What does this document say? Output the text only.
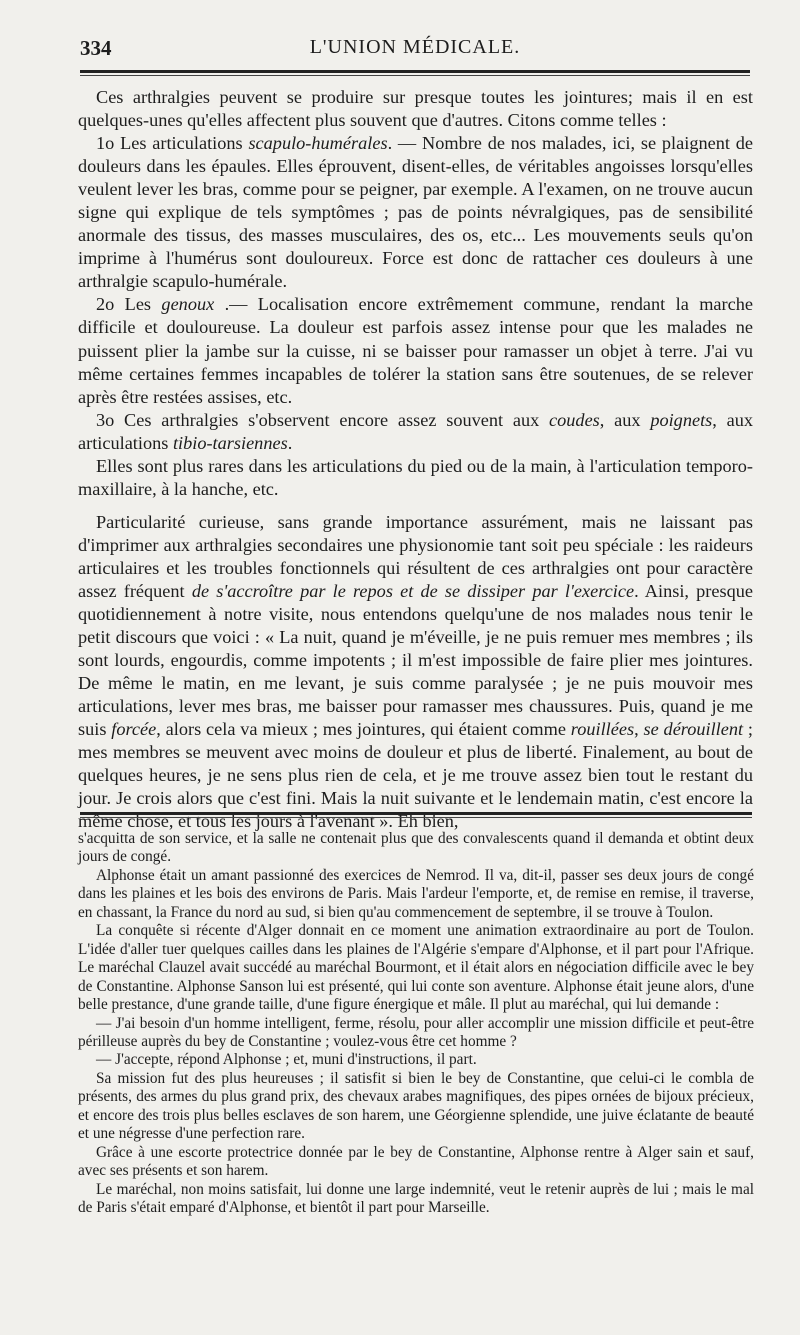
334	L'UNION MÉDICALE.

Ces arthralgies peuvent se produire sur presque toutes les jointures; mais il en est quelques-unes qu'elles affectent plus souvent que d'autres. Citons comme telles :

1o Les articulations scapulo-humérales. — Nombre de nos malades, ici, se plaignent de douleurs dans les épaules. Elles éprouvent, disent-elles, de véritables angoisses lorsqu'elles veulent lever les bras, comme pour se peigner, par exemple. A l'examen, on ne trouve aucun signe qui explique de tels symptômes ; pas de points névralgiques, pas de sensibilité anormale des tissus, des masses musculaires, des os, etc... Les mouvements seuls qu'on imprime à l'humérus sont douloureux. Force est donc de rattacher ces douleurs à une arthralgie scapulo-humérale.

2o Les genoux .— Localisation encore extrêmement commune, rendant la marche difficile et douloureuse. La douleur est parfois assez intense pour que les malades ne puissent plier la jambe sur la cuisse, ni se baisser pour ramasser un objet à terre. J'ai vu même certaines femmes incapables de tolérer la station sans être soutenues, de se relever après être restées assises, etc.

3o Ces arthralgies s'observent encore assez souvent aux coudes, aux poignets, aux articulations tibio-tarsiennes.

Elles sont plus rares dans les articulations du pied ou de la main, à l'articulation temporo-maxillaire, à la hanche, etc.

Particularité curieuse, sans grande importance assurément, mais ne laissant pas d'imprimer aux arthralgies secondaires une physionomie tant soit peu spéciale : les raideurs articulaires et les troubles fonctionnels qui résultent de ces arthralgies ont pour caractère assez fréquent de s'accroître par le repos et de se dissiper par l'exercice. Ainsi, presque quotidiennement à notre visite, nous entendons quelqu'une de nos malades nous tenir le petit discours que voici : « La nuit, quand je m'éveille, je ne puis remuer mes membres ; ils sont lourds, engourdis, comme impotents ; il m'est impossible de faire plier mes jointures. De même le matin, en me levant, je suis comme paralysée ; je ne puis mouvoir mes articulations, lever mes bras, me baisser pour ramasser mes chaussures. Puis, quand je me suis forcée, alors cela va mieux ; mes jointures, qui étaient comme rouillées, se dérouillent ; mes membres se meuvent avec moins de douleur et plus de liberté. Finalement, au bout de quelques heures, je ne sens plus rien de cela, et je me trouve assez bien tout le restant du jour. Je crois alors que c'est fini. Mais la nuit suivante et le lendemain matin, c'est encore la même chose, et tous les jours à l'avenant ». Eh bien,

s'acquitta de son service, et la salle ne contenait plus que des convalescents quand il demanda et obtint deux jours de congé.

Alphonse était un amant passionné des exercices de Nemrod. Il va, dit-il, passer ses deux jours de congé dans les plaines et les bois des environs de Paris. Mais l'ardeur l'emporte, et, de remise en remise, il traverse, en chassant, la France du nord au sud, si bien qu'au commencement de septembre, il se trouve à Toulon.

La conquête si récente d'Alger donnait en ce moment une animation extraordinaire au port de Toulon. L'idée d'aller tuer quelques cailles dans les plaines de l'Algérie s'empare d'Alphonse, et il part pour l'Afrique. Le maréchal Clauzel avait succédé au maréchal Bourmont, et il était alors en négociation difficile avec le bey de Constantine. Alphonse Sanson lui est présenté, qui lui conte son aventure. Alphonse était jeune alors, d'une belle prestance, d'une grande taille, d'une figure énergique et mâle. Il plut au maréchal, qui lui demande :

— J'ai besoin d'un homme intelligent, ferme, résolu, pour aller accomplir une mission difficile et peut-être périlleuse auprès du bey de Constantine ; voulez-vous être cet homme ?

— J'accepte, répond Alphonse ; et, muni d'instructions, il part.

Sa mission fut des plus heureuses ; il satisfit si bien le bey de Constantine, que celui-ci le combla de présents, des armes du plus grand prix, des chevaux arabes magnifiques, des pipes ornées de bijoux précieux, et encore des trois plus belles esclaves de son harem, une Géorgienne splendide, une juive éclatante de beauté et une négresse d'une perfection rare.

Grâce à une escorte protectrice donnée par le bey de Constantine, Alphonse rentre à Alger sain et sauf, avec ses présents et son harem.

Le maréchal, non moins satisfait, lui donne une large indemnité, veut le retenir auprès de lui ; mais le mal de Paris s'était emparé d'Alphonse, et bientôt il part pour Marseille.
